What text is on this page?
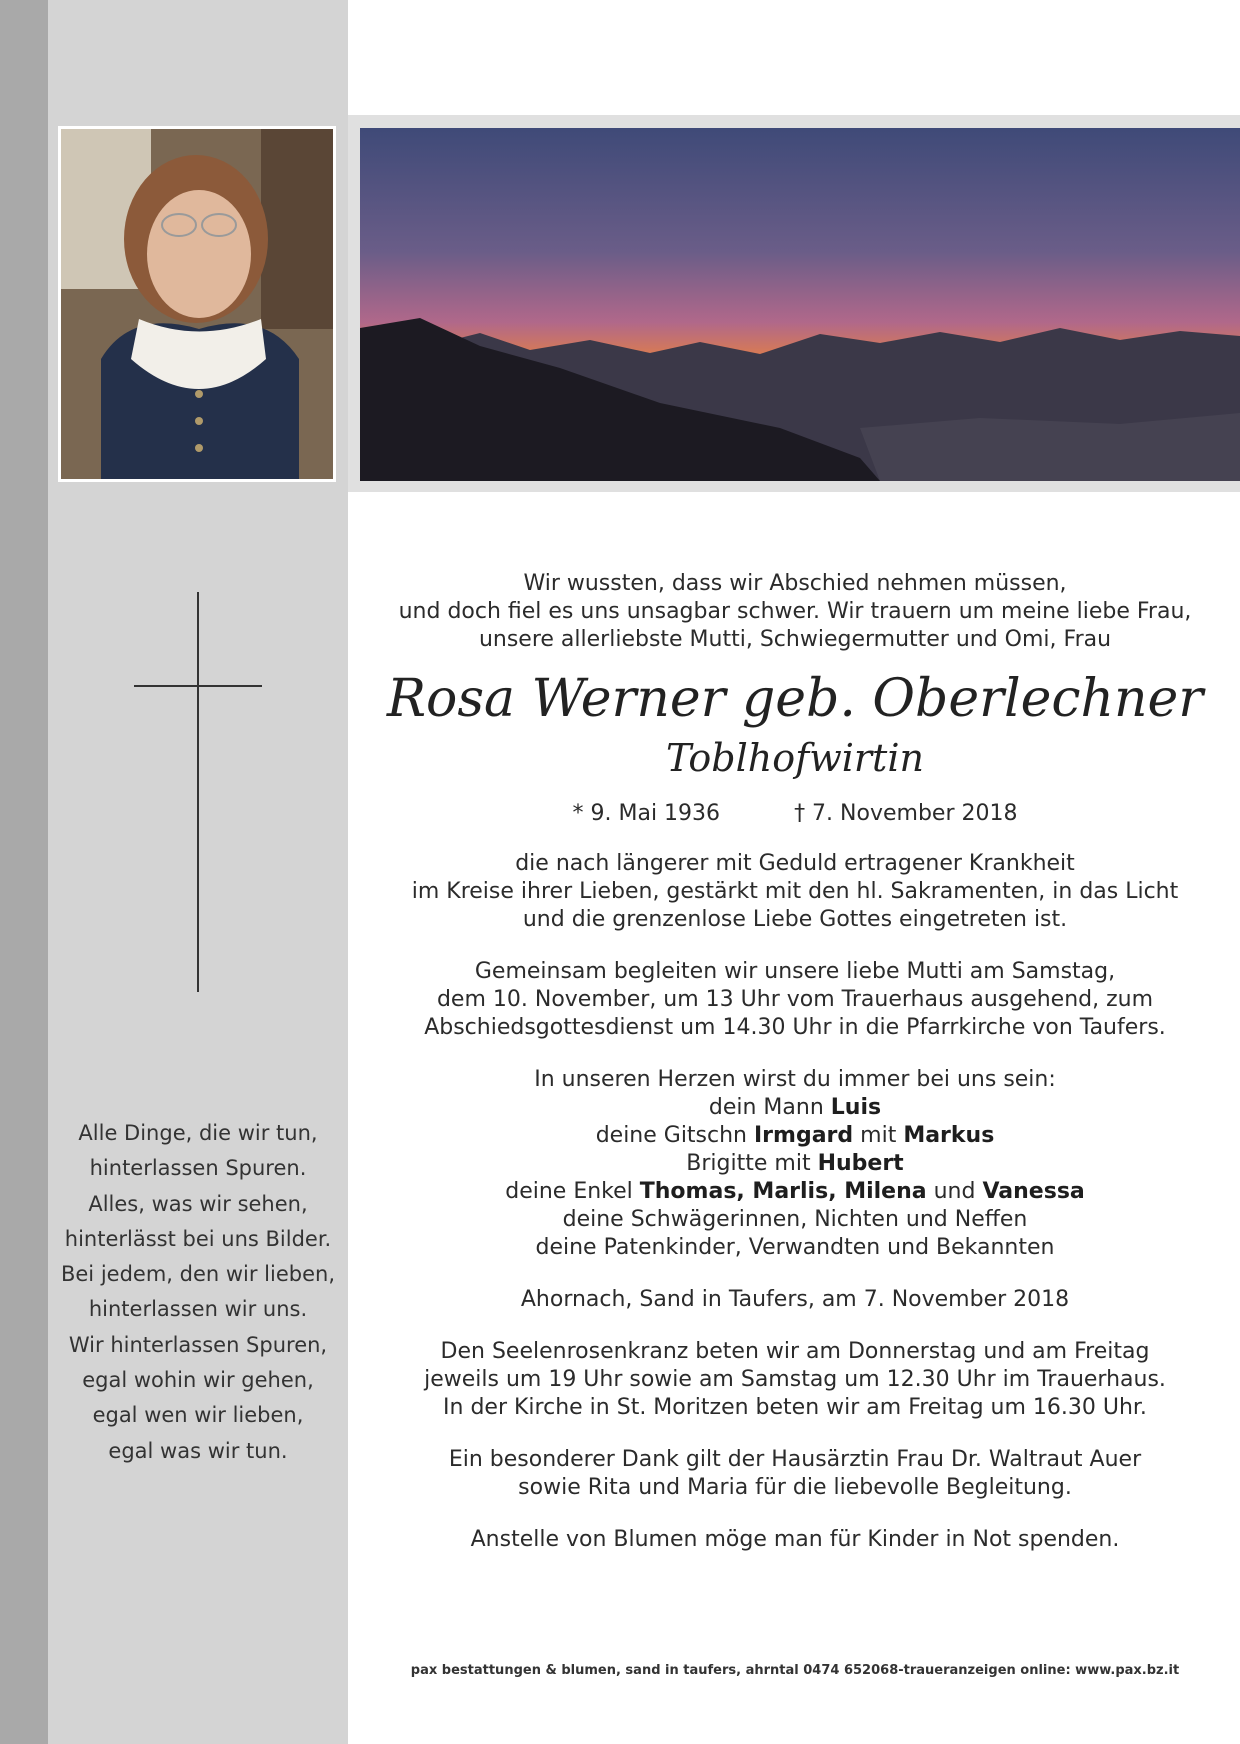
Alle Dinge, die wir tun,
hinterlassen Spuren.
Alles, was wir sehen,
hinterlässt bei uns Bilder.
Bei jedem, den wir lieben,
hinterlassen wir uns.
Wir hinterlassen Spuren,
egal wohin wir gehen,
egal wen wir lieben,
egal was wir tun.
Wir wussten, dass wir Abschied nehmen müssen,
und doch fiel es uns unsagbar schwer. Wir trauern um meine liebe Frau,
unsere allerliebste Mutti, Schwiegermutter und Omi, Frau
Rosa Werner geb. Oberlechner
Toblhofwirtin
* 9. Mai 1936	† 7. November 2018
die nach längerer mit Geduld ertragener Krankheit
im Kreise ihrer Lieben, gestärkt mit den hl. Sakramenten, in das Licht
und die grenzenlose Liebe Gottes eingetreten ist.
Gemeinsam begleiten wir unsere liebe Mutti am Samstag,
dem 10. November, um 13 Uhr vom Trauerhaus ausgehend, zum
Abschiedsgottesdienst um 14.30 Uhr in die Pfarrkirche von Taufers.
In unseren Herzen wirst du immer bei uns sein:
dein Mann Luis
deine Gitschn Irmgard mit Markus
Brigitte mit Hubert
deine Enkel Thomas, Marlis, Milena und Vanessa
deine Schwägerinnen, Nichten und Neffen
deine Patenkinder, Verwandten und Bekannten
Ahornach, Sand in Taufers, am 7. November 2018
Den Seelenrosenkranz beten wir am Donnerstag und am Freitag
jeweils um 19 Uhr sowie am Samstag um 12.30 Uhr im Trauerhaus.
In der Kirche in St. Moritzen beten wir am Freitag um 16.30 Uhr.
Ein besonderer Dank gilt der Hausärztin Frau Dr. Waltraut Auer
sowie Rita und Maria für die liebevolle Begleitung.
Anstelle von Blumen möge man für Kinder in Not spenden.
pax bestattungen & blumen, sand in taufers, ahrntal 0474 652068-traueranzeigen online: www.pax.bz.it
